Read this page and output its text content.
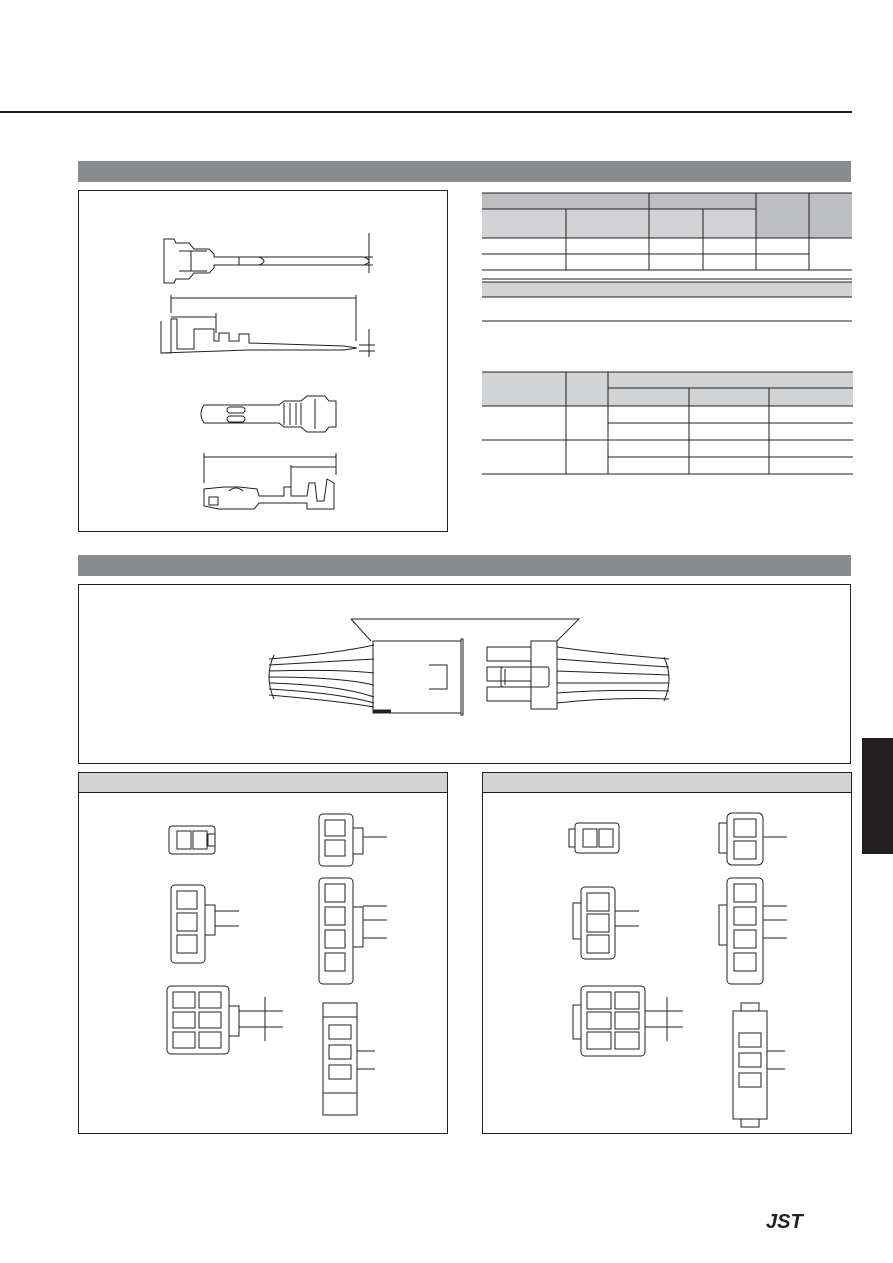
JST
